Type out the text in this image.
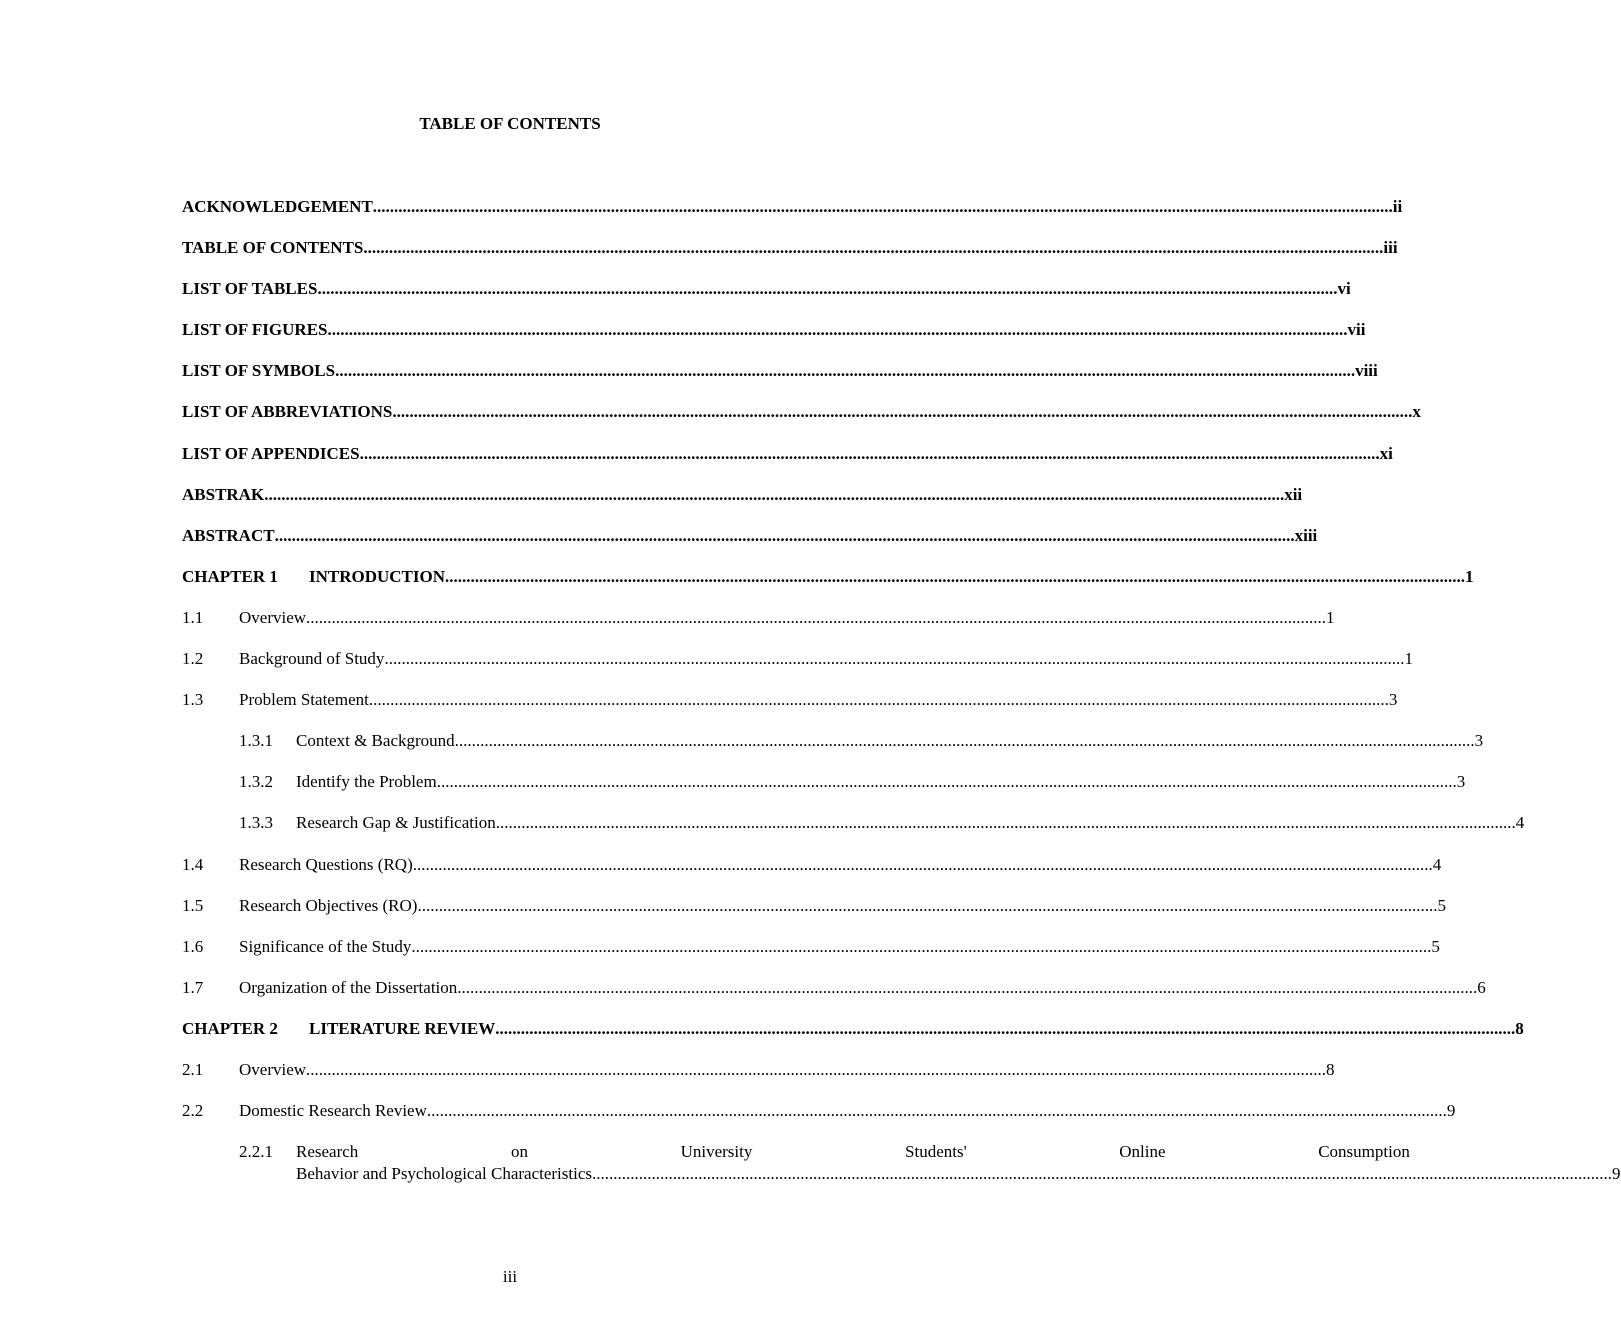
TABLE OF CONTENTS
ACKNOWLEDGEMENT .....	ii
TABLE OF CONTENTS .....	iii
LIST OF TABLES .....	vi
LIST OF FIGURES .....	vii
LIST OF SYMBOLS .....	viii
LIST OF ABBREVIATIONS .....	x
LIST OF APPENDICES .....	xi
ABSTRAK .....	xii
ABSTRACT .....	xiii
CHAPTER 1	INTRODUCTION .....	1
1.1	Overview .....	1
1.2	Background of Study .....	1
1.3	Problem Statement .....	3
1.3.1	Context & Background .....	3
1.3.2	Identify the Problem .....	3
1.3.3	Research Gap & Justification .....	4
1.4	Research Questions (RQ) .....	4
1.5	Research Objectives (RO) .....	5
1.6	Significance of the Study .....	5
1.7	Organization of the Dissertation .....	6
CHAPTER 2	LITERATURE REVIEW .....	8
2.1	Overview .....	8
2.2	Domestic Research Review .....	9
2.2.1	Research	on	University	Students'	Online	Consumption
Behavior and Psychological Characteristics .....	9
iii
